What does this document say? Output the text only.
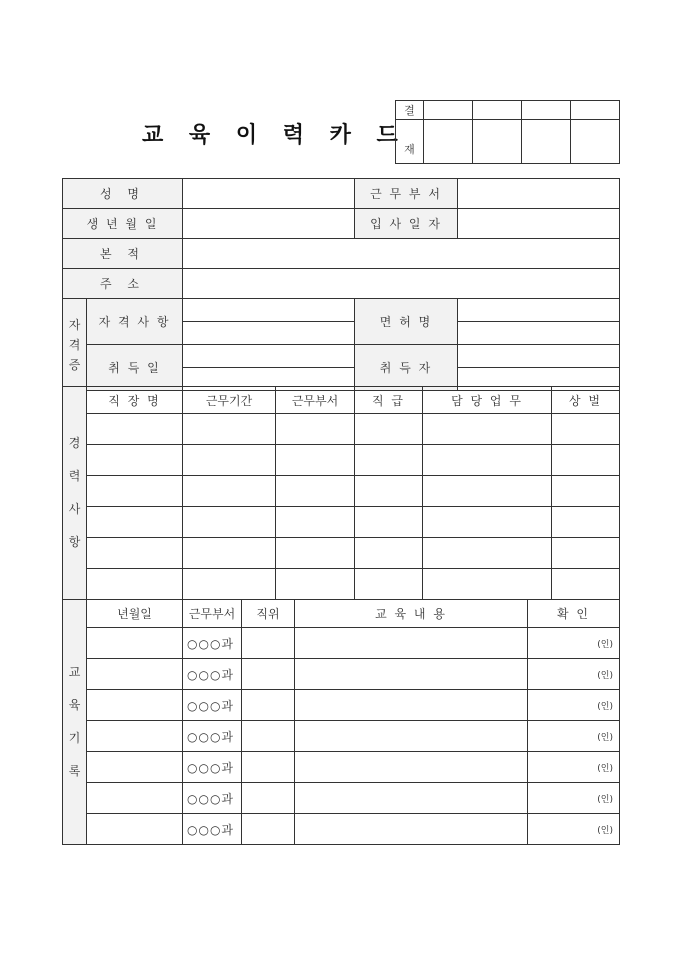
교 육 이 력 카 드
결				
재				
성 명			근 무 부 서	
생 년 월 일			입 사 일 자	
본 적				
주 소				
자
격
증	자 격 사 항		면 허 명	

	취 득 일		취 득 자	
경
력
사
항	직 장 명	근무기간	근무부서	직 급	담 당 업 무	상 벌

교
육
기
록	년월일	근무부서	직위	교 육 내 용	확 인
		○○○과			(인)
		○○○과			(인)
		○○○과			(인)
		○○○과			(인)
		○○○과			(인)
		○○○과			(인)
		○○○과			(인)
